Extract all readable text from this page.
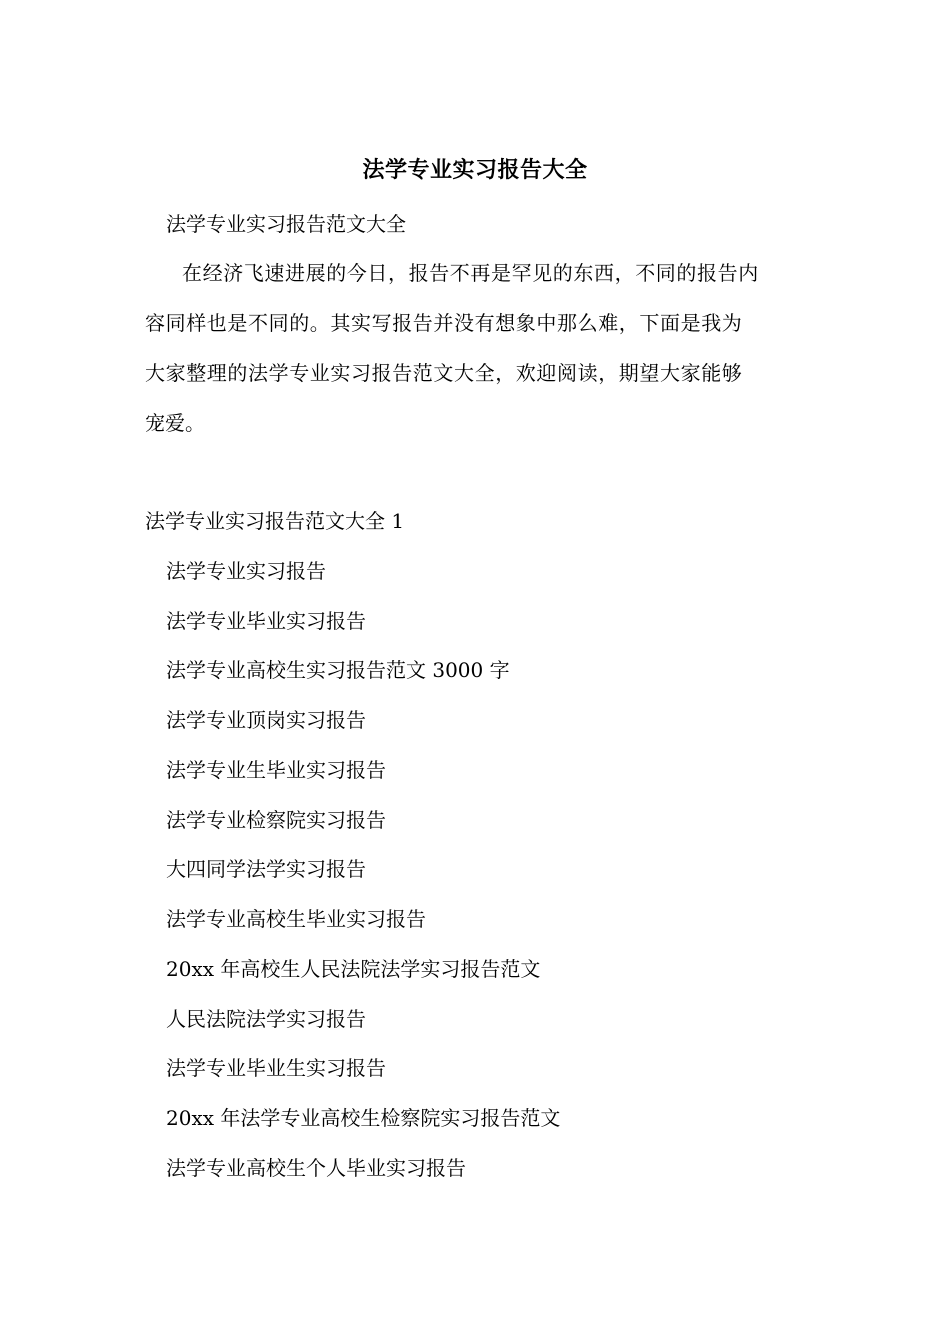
法学专业实习报告大全
法学专业实习报告范文大全
在经济飞速进展的今日，报告不再是罕见的东西，不同的报告内
容同样也是不同的。其实写报告并没有想象中那么难，下面是我为
大家整理的法学专业实习报告范文大全，欢迎阅读，期望大家能够
宠爱。
法学专业实习报告范文大全 1
法学专业实习报告
法学专业毕业实习报告
法学专业高校生实习报告范文 3000 字
法学专业顶岗实习报告
法学专业生毕业实习报告
法学专业检察院实习报告
大四同学法学实习报告
法学专业高校生毕业实习报告
20xx 年高校生人民法院法学实习报告范文
人民法院法学实习报告
法学专业毕业生实习报告
20xx 年法学专业高校生检察院实习报告范文
法学专业高校生个人毕业实习报告
